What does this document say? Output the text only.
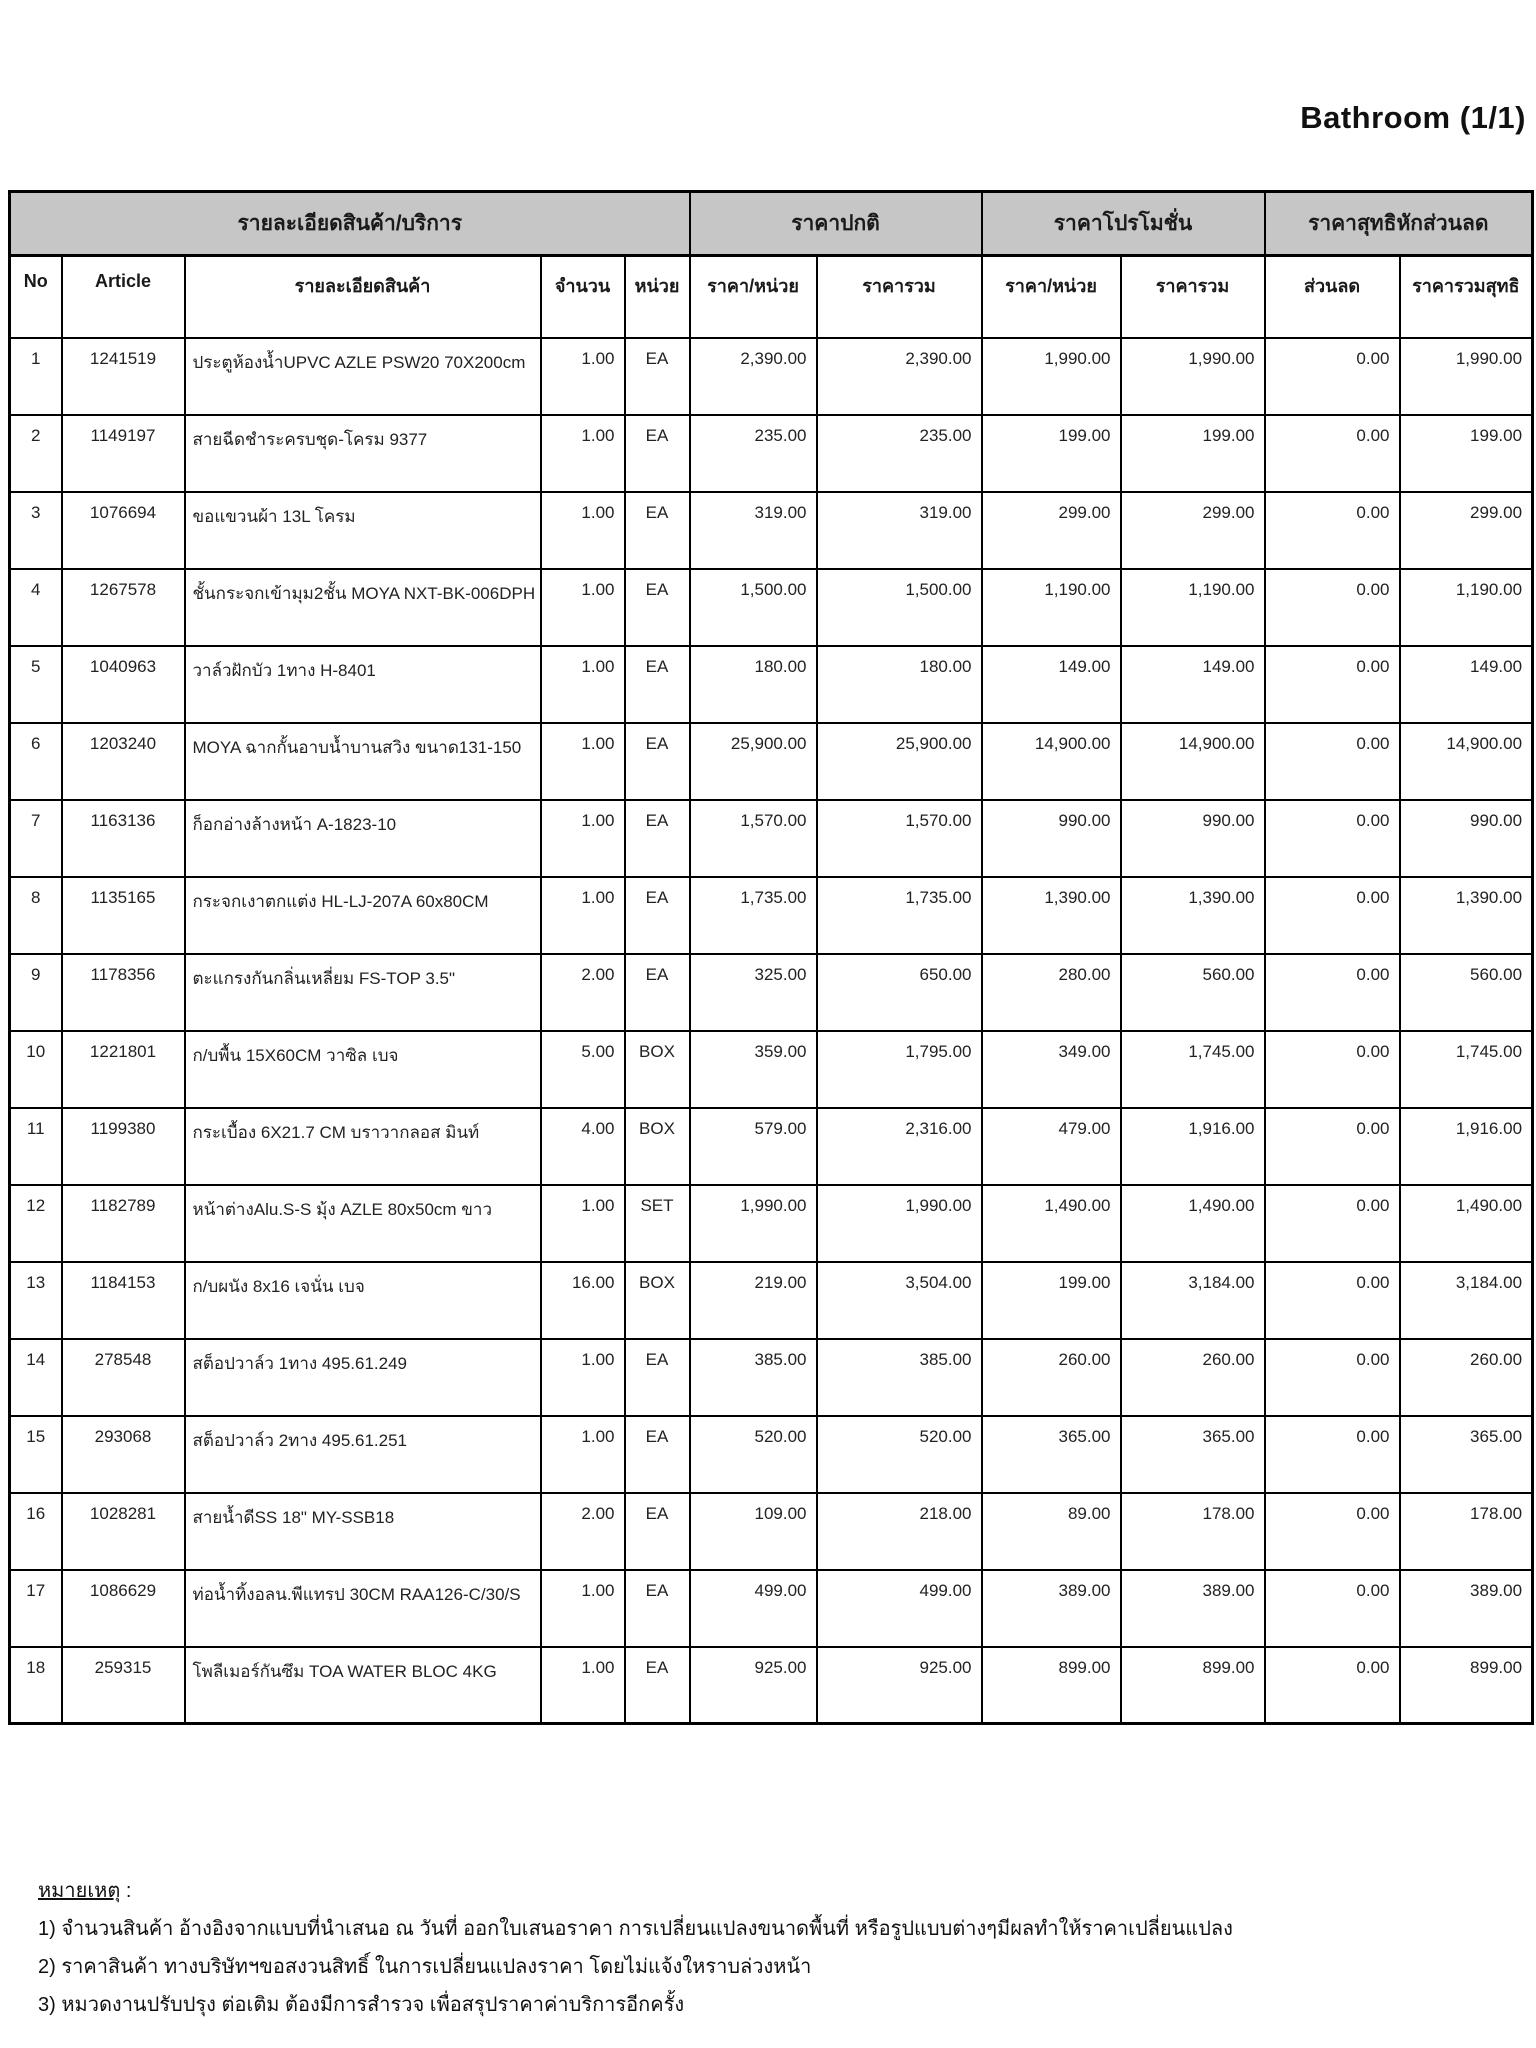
Bathroom (1/1)
รายละเอียดสินค้า/บริการ					ราคาปกติ		ราคาโปรโมชั่น		ราคาสุทธิหักส่วนลด	
No	Article	รายละเอียดสินค้า	จำนวน	หน่วย	ราคา/หน่วย	ราคารวม	ราคา/หน่วย	ราคารวม	ส่วนลด	ราคารวมสุทธิ
1	1241519	ประตูห้องน้ำUPVC AZLE PSW20 70X200cm	1.00	EA	2,390.00	2,390.00	1,990.00	1,990.00	0.00	1,990.00
2	1149197	สายฉีดชำระครบชุด-โครม 9377	1.00	EA	235.00	235.00	199.00	199.00	0.00	199.00
3	1076694	ขอแขวนผ้า 13L โครม	1.00	EA	319.00	319.00	299.00	299.00	0.00	299.00
4	1267578	ชั้นกระจกเข้ามุม2ชั้น MOYA NXT-BK-006DPH	1.00	EA	1,500.00	1,500.00	1,190.00	1,190.00	0.00	1,190.00
5	1040963	วาล์วฝักบัว 1ทาง H-8401	1.00	EA	180.00	180.00	149.00	149.00	0.00	149.00
6	1203240	MOYA ฉากกั้นอาบน้ำบานสวิง ขนาด131-150	1.00	EA	25,900.00	25,900.00	14,900.00	14,900.00	0.00	14,900.00
7	1163136	ก็อกอ่างล้างหน้า A-1823-10	1.00	EA	1,570.00	1,570.00	990.00	990.00	0.00	990.00
8	1135165	กระจกเงาตกแต่ง HL-LJ-207A 60x80CM	1.00	EA	1,735.00	1,735.00	1,390.00	1,390.00	0.00	1,390.00
9	1178356	ตะแกรงกันกลิ่นเหลี่ยม FS-TOP 3.5"	2.00	EA	325.00	650.00	280.00	560.00	0.00	560.00
10	1221801	ก/บพื้น 15X60CM วาซิล เบจ	5.00	BOX	359.00	1,795.00	349.00	1,745.00	0.00	1,745.00
11	1199380	กระเบื้อง 6X21.7 CM บราวากลอส มินท์	4.00	BOX	579.00	2,316.00	479.00	1,916.00	0.00	1,916.00
12	1182789	หน้าต่างAlu.S-S มุ้ง AZLE 80x50cm ขาว	1.00	SET	1,990.00	1,990.00	1,490.00	1,490.00	0.00	1,490.00
13	1184153	ก/บผนัง 8x16 เจนั่น เบจ	16.00	BOX	219.00	3,504.00	199.00	3,184.00	0.00	3,184.00
14	278548	สต็อปวาล์ว 1ทาง 495.61.249	1.00	EA	385.00	385.00	260.00	260.00	0.00	260.00
15	293068	สต็อปวาล์ว 2ทาง 495.61.251	1.00	EA	520.00	520.00	365.00	365.00	0.00	365.00
16	1028281	สายน้ำดีSS 18" MY-SSB18	2.00	EA	109.00	218.00	89.00	178.00	0.00	178.00
17	1086629	ท่อน้ำทิ้งอลน.พีแทรป 30CM RAA126-C/30/S	1.00	EA	499.00	499.00	389.00	389.00	0.00	389.00
18	259315	โพลีเมอร์กันซึม TOA WATER BLOC 4KG	1.00	EA	925.00	925.00	899.00	899.00	0.00	899.00
หมายเหตุ :
1) จำนวนสินค้า อ้างอิงจากแบบที่นำเสนอ ณ วันที่ ออกใบเสนอราคา การเปลี่ยนแปลงขนาดพื้นที่ หรือรูปแบบต่างๆมีผลทำให้ราคาเปลี่ยนแปลง
2) ราคาสินค้า ทางบริษัทฯขอสงวนสิทธิ์ ในการเปลี่ยนแปลงราคา โดยไม่แจ้งใหราบล่วงหน้า
3) หมวดงานปรับปรุง ต่อเติม ต้องมีการสำรวจ เพื่อสรุปราคาค่าบริการอีกครั้ง
